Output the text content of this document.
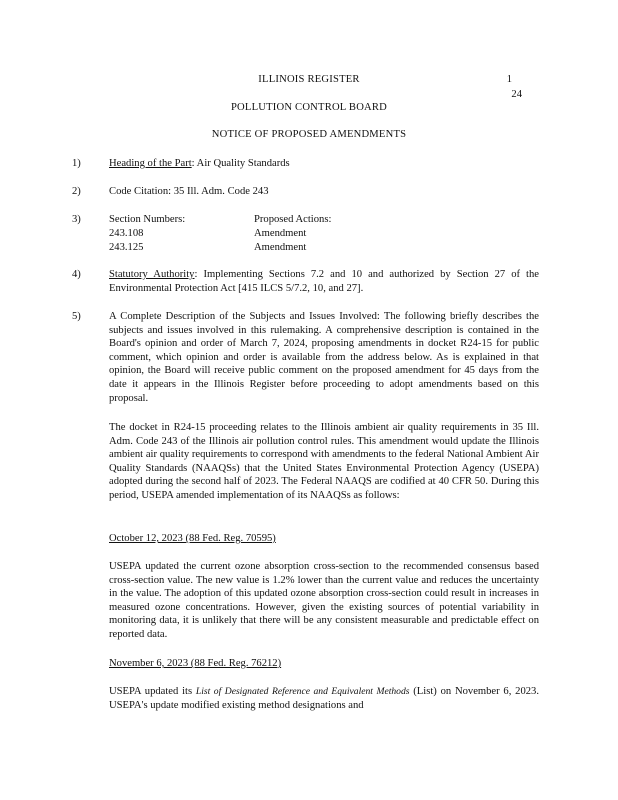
ILLINOIS REGISTER	1
24
POLLUTION CONTROL BOARD
NOTICE OF PROPOSED AMENDMENTS
1)	Heading of the Part: Air Quality Standards
2)	Code Citation: 35 Ill. Adm. Code 243
3)	Section Numbers:	Proposed Actions:
243.108	Amendment
243.125	Amendment
4)	Statutory Authority: Implementing Sections 7.2 and 10 and authorized by Section 27 of the Environmental Protection Act [415 ILCS 5/7.2, 10, and 27].
5)	A Complete Description of the Subjects and Issues Involved: The following briefly describes the subjects and issues involved in this rulemaking. A comprehensive description is contained in the Board's opinion and order of March 7, 2024, proposing amendments in docket R24-15 for public comment, which opinion and order is available from the address below. As is explained in that opinion, the Board will receive public comment on the proposed amendment for 45 days from the date it appears in the Illinois Register before proceeding to adopt amendments based on this proposal.
The docket in R24-15 proceeding relates to the Illinois ambient air quality requirements in 35 Ill. Adm. Code 243 of the Illinois air pollution control rules. This amendment would update the Illinois ambient air quality requirements to correspond with amendments to the federal National Ambient Air Quality Standards (NAAQSs) that the United States Environmental Protection Agency (USEPA) adopted during the second half of 2023. The Federal NAAQS are codified at 40 CFR 50. During this period, USEPA amended implementation of its NAAQSs as follows:
October 12, 2023 (88 Fed. Reg. 70595)
USEPA updated the current ozone absorption cross-section to the recommended consensus based cross-section value. The new value is 1.2% lower than the current value and reduces the uncertainty in the value. The adoption of this updated ozone absorption cross-section could result in increases in measured ozone concentrations. However, given the existing sources of potential variability in monitoring data, it is unlikely that there will be any consistent measurable and predictable effect on reported data.
November 6, 2023 (88 Fed. Reg. 76212)
USEPA updated its List of Designated Reference and Equivalent Methods (List) on November 6, 2023. USEPA's update modified existing method designations and
